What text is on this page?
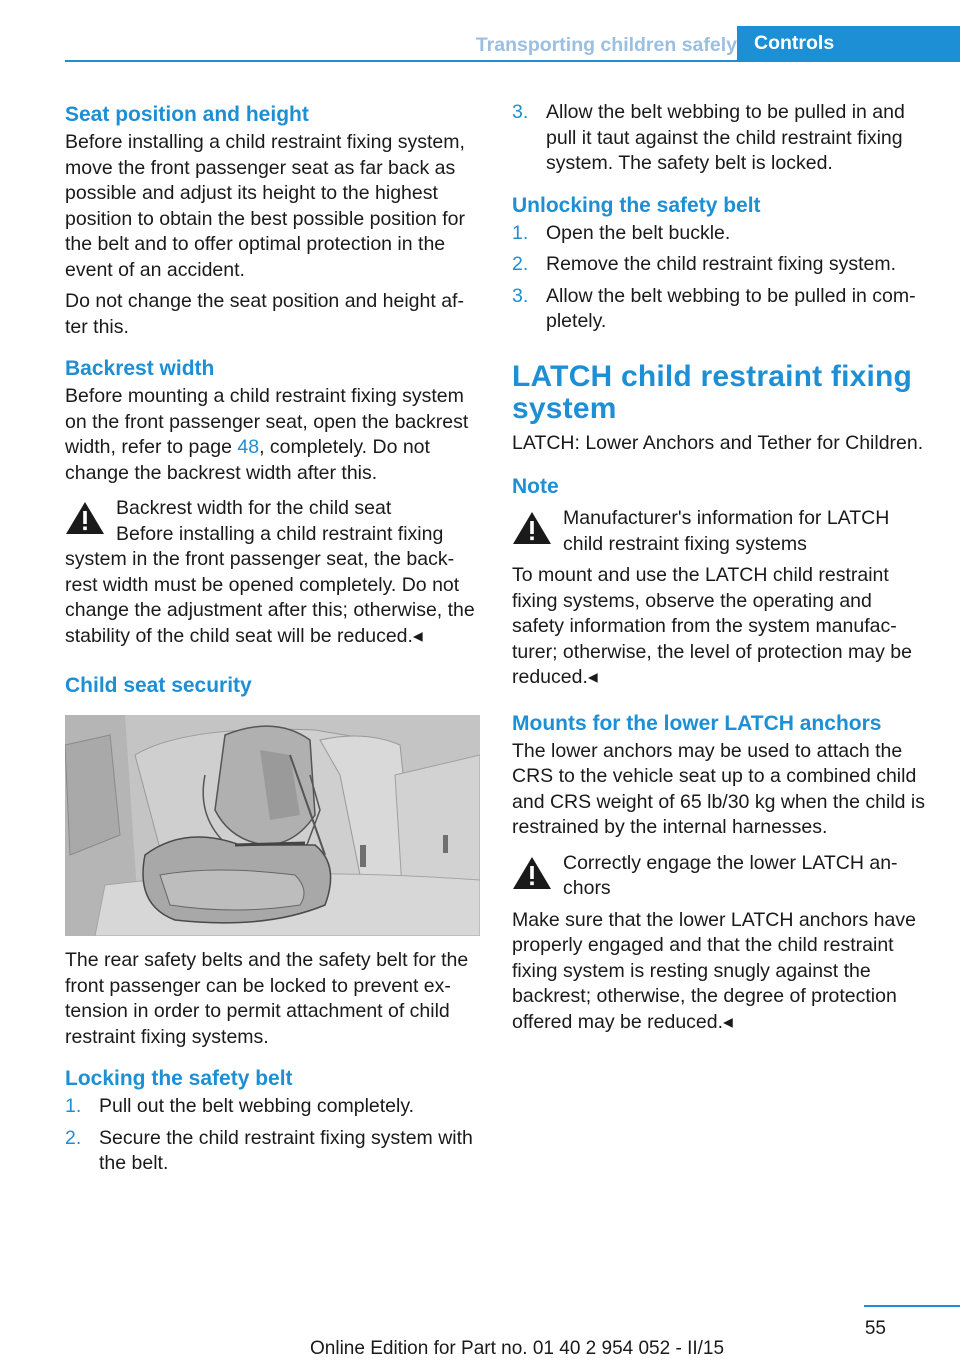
Transporting children safely Controls
Seat position and height

Before installing a child restraint fixing system, move the front passenger seat as far back as possible and adjust its height to the highest position to obtain the best possible position for the belt and to offer optimal protection in the event of an accident.

Do not change the seat position and height after this.

Backrest width

Before mounting a child restraint fixing system on the front passenger seat, open the backrest width, refer to page 48, completely. Do not change the backrest width after this.

Backrest width for the child seat

Before installing a child restraint fixing system in the front passenger seat, the backrest width must be opened completely. Do not change the adjustment after this; otherwise, the stability of the child seat will be reduced.◂

Child seat security

The rear safety belts and the safety belt for the front passenger can be locked to prevent extension in order to permit attachment of child restraint fixing systems.

Locking the safety belt
1. Pull out the belt webbing completely.
2. Secure the child restraint fixing system with the belt.
3. Allow the belt webbing to be pulled in and pull it taut against the child restraint fixing system. The safety belt is locked.
Unlocking the safety belt
1. Open the belt buckle.
2. Remove the child restraint fixing system.
3. Allow the belt webbing to be pulled in completely.
LATCH child restraint fixing system

LATCH: Lower Anchors and Tether for Children.

Note

Manufacturer's information for LATCH child restraint fixing systems

To mount and use the LATCH child restraint fixing systems, observe the operating and safety information from the system manufacturer; otherwise, the level of protection may be reduced.◂

Mounts for the lower LATCH anchors

The lower anchors may be used to attach the CRS to the vehicle seat up to a combined child and CRS weight of 65 lb/30 kg when the child is restrained by the internal harnesses.

Correctly engage the lower LATCH anchors

Make sure that the lower LATCH anchors have properly engaged and that the child restraint fixing system is resting snugly against the backrest; otherwise, the degree of protection offered may be reduced.◂

55
Online Edition for Part no. 01 40 2 954 052 - II/15
